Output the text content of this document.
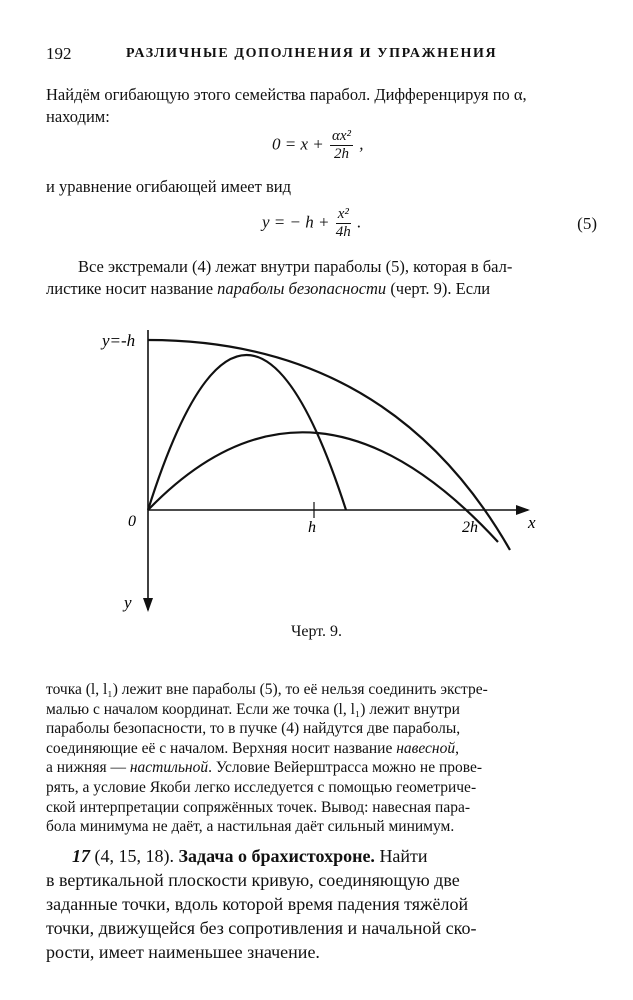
192	РАЗЛИЧНЫЕ ДОПОЛНЕНИЯ И УПРАЖНЕНИЯ
Найдём огибающую этого семейства парабол. Дифференцируя по α,
находим:
$0 = x + \frac{\text{αx²}}{2h}$ ,
и уравнение огибающей имеет вид
y = − $h + \frac{\text{x²}}{4h}$ .	(5)
Все экстремали (4) лежат внутри параболы (5), которая в бал-
листике носит название параболы безопасности (черт. 9). Если
y=-h
0	h	2h	x
y
Черт. 9.
точка (l, l₁) лежит вне параболы (5), то её нельзя соединить экстре-
малью с началом координат. Если же точка (l, l₁) лежит внутри
параболы безопасности, то в пучке (4) найдутся две параболы,
соединяющие её с началом. Верхняя носит название навесной,
а нижняя — настильной. Условие Вейерштрасса можно не прове-
рять, а условие Якоби легко исследуется с помощью геометриче-
ской интерпретации сопряжённых точек. Вывод: навесная пара-
бола минимума не даёт, а настильная даёт сильный минимум.
17 (4, 15, 18). Задача о брахистохроне. Найти
в вертикальной плоскости кривую, соединяющую две
заданные точки, вдоль которой время падения тяжёлой
точки, движущейся без сопротивления и начальной ско-
рости, имеет наименьшее значение.
